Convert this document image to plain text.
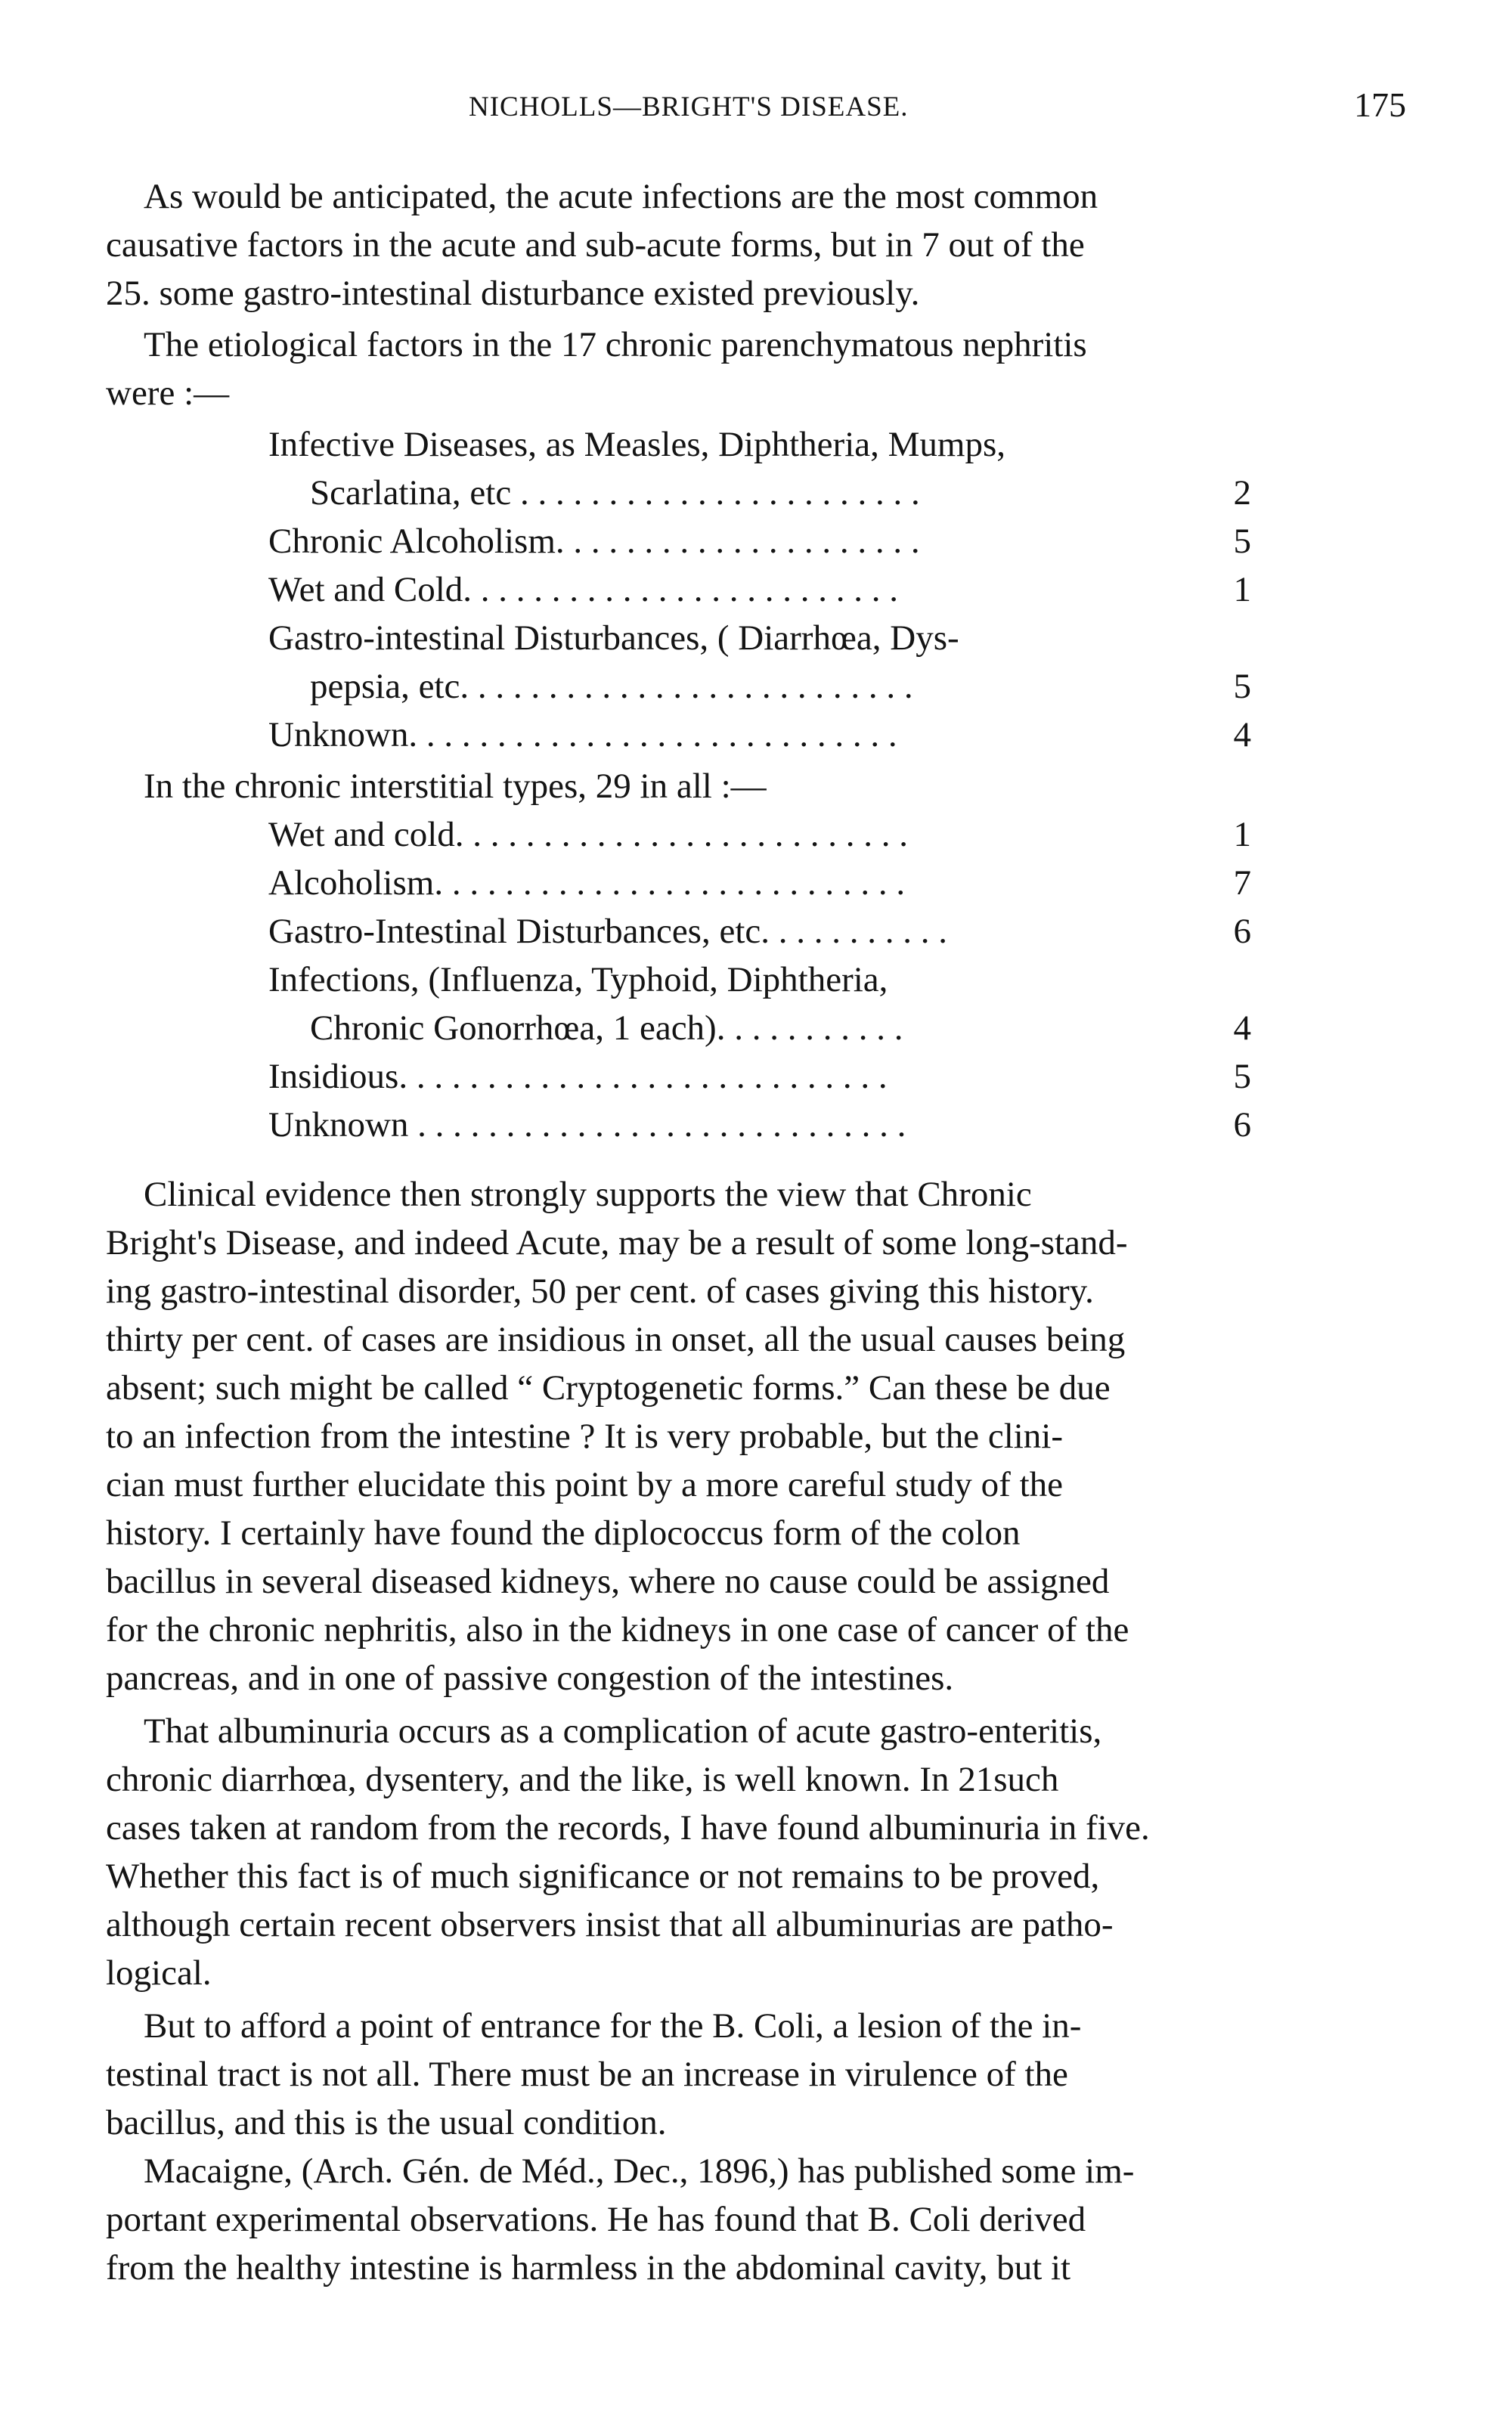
NICHOLLS—BRIGHT'S DISEASE.	175
As would be anticipated, the acute infections are the most common
causative factors in the acute and sub-acute forms, but in 7 out of the
25. some gastro-intestinal disturbance existed previously.
The etiological factors in the 17 chronic parenchymatous nephritis
were :—
Infective Diseases, as Measles, Diphtheria, Mumps,
Scarlatina, etc . . . . . . . . . . . . . . . . . . . . . . .	2
Chronic Alcoholism. . . . . . . . . . . . . . . . . . . . .	5
Wet and Cold. . . . . . . . . . . . . . . . . . . . . . . . .	1
Gastro-intestinal Disturbances, ( Diarrhœa, Dys-
pepsia, etc. . . . . . . . . . . . . . . . . . . . . . . . . .	5
Unknown. . . . . . . . . . . . . . . . . . . . . . . . . . . .	4
In the chronic interstitial types, 29 in all :—
Wet and cold. . . . . . . . . . . . . . . . . . . . . . . . . .	1
Alcoholism. . . . . . . . . . . . . . . . . . . . . . . . . . .	7
Gastro-Intestinal Disturbances, etc. . . . . . . . . . .	6
Infections, (Influenza, Typhoid, Diphtheria,
Chronic Gonorrhœa, 1 each). . . . . . . . . . .	4
Insidious. . . . . . . . . . . . . . . . . . . . . . . . . . . .	5
Unknown . . . . . . . . . . . . . . . . . . . . . . . . . . . .	6
Clinical evidence then strongly supports the view that Chronic
Bright's Disease, and indeed Acute, may be a result of some long-stand-
ing gastro-intestinal disorder, 50 per cent. of cases giving this history.
thirty per cent. of cases are insidious in onset, all the usual causes being
absent; such might be called “ Cryptogenetic forms.” Can these be due
to an infection from the intestine ? It is very probable, but the clini-
cian must further elucidate this point by a more careful study of the
history. I certainly have found the diplococcus form of the colon
bacillus in several diseased kidneys, where no cause could be assigned
for the chronic nephritis, also in the kidneys in one case of cancer of the
pancreas, and in one of passive congestion of the intestines.
That albuminuria occurs as a complication of acute gastro-enteritis,
chronic diarrhœa, dysentery, and the like, is well known. In 21such
cases taken at random from the records, I have found albuminuria in five.
Whether this fact is of much significance or not remains to be proved,
although certain recent observers insist that all albuminurias are patho-
logical.
But to afford a point of entrance for the B. Coli, a lesion of the in-
testinal tract is not all. There must be an increase in virulence of the
bacillus, and this is the usual condition.
Macaigne, (Arch. Gén. de Méd., Dec., 1896,) has published some im-
portant experimental observations. He has found that B. Coli derived
from the healthy intestine is harmless in the abdominal cavity, but it
